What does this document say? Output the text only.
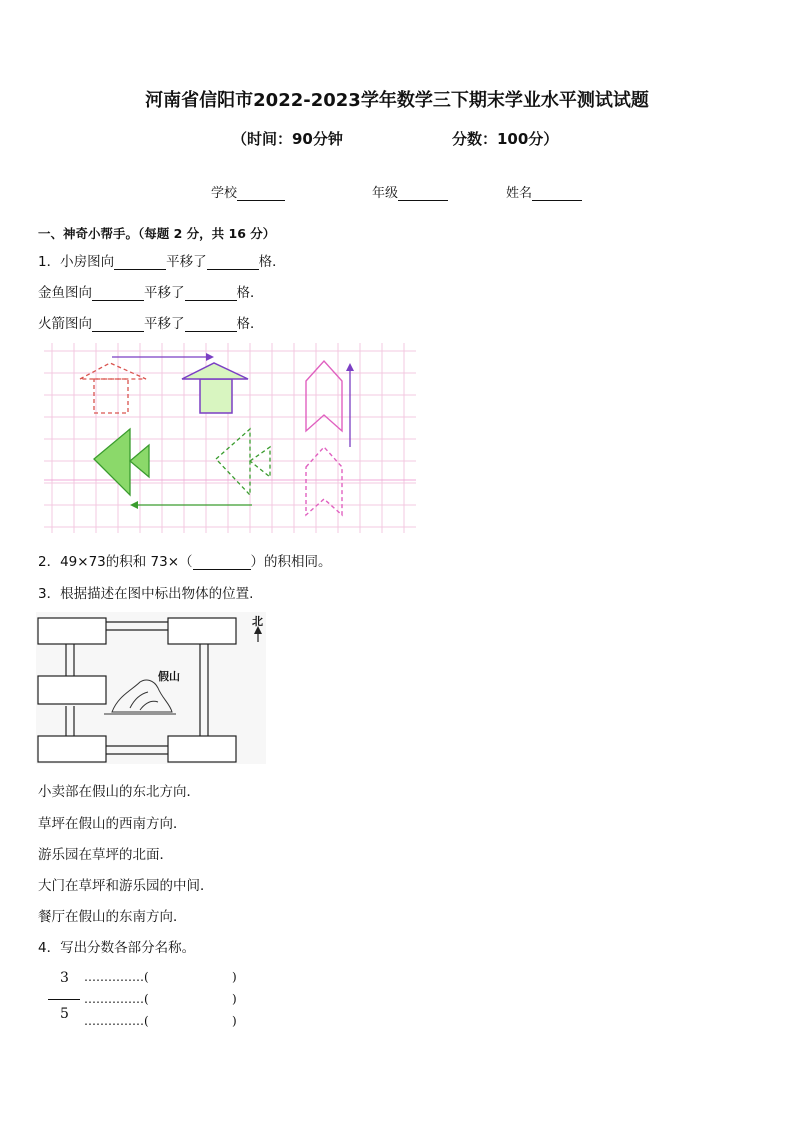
河南省信阳市2022-2023学年数学三下期末学业水平测试试题
（时间：90分钟	分数：100分）
学校	年级	姓名
一、神奇小帮手。（每题 2 分，共 16 分）
1．小房图向	平移了	格．
金鱼图向	平移了	格．
火箭图向	平移了	格．
2．49×73的积和 73×（	）的积相同。
3．根据描述在图中标出物体的位置.
假山
北
小卖部在假山的东北方向．
草坪在假山的西南方向．
游乐园在草坪的北面．
大门在草坪和游乐园的中间．
餐厅在假山的东南方向．
4．写出分数各部分名称。
3
5
……………(	)
……………(	)
……………(	)
